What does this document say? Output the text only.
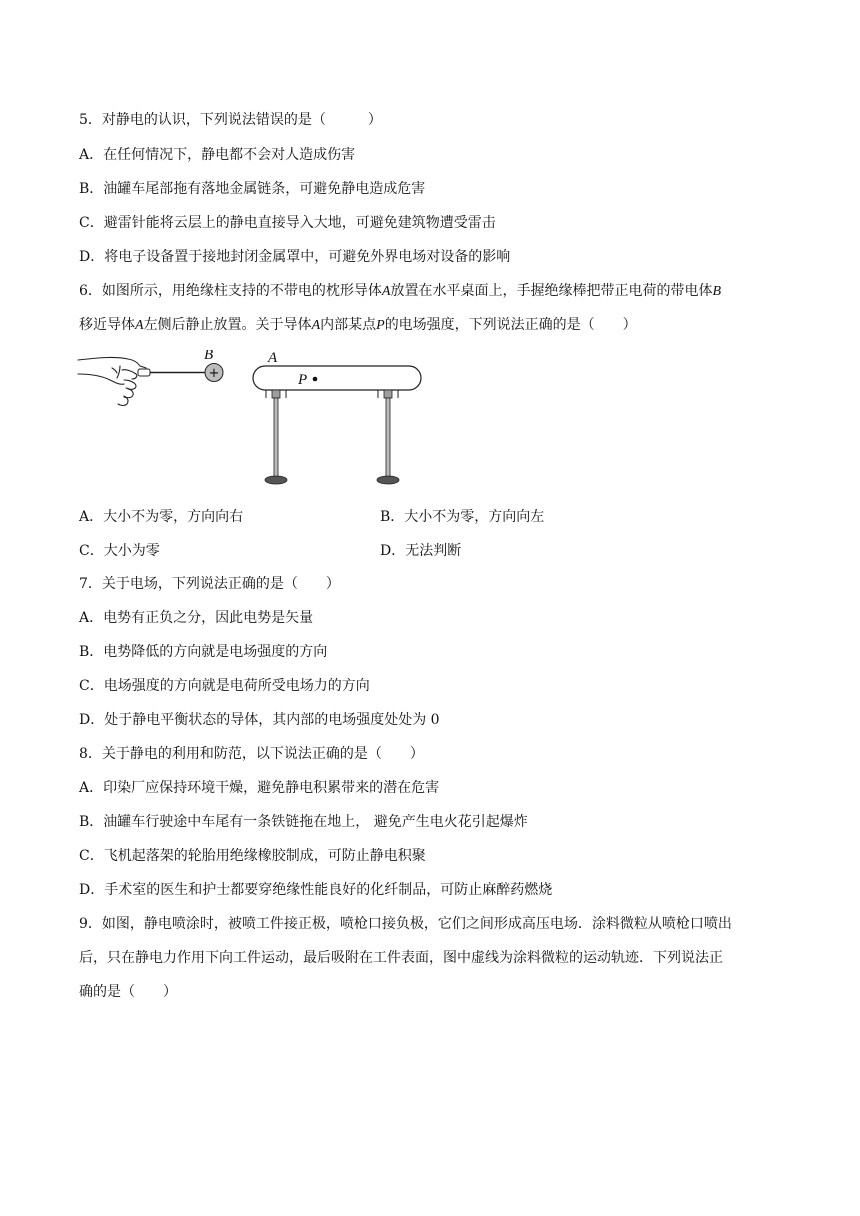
5．对静电的认识，下列说法错误的是（　　　）
A．在任何情况下，静电都不会对人造成伤害
B．油罐车尾部拖有落地金属链条，可避免静电造成危害
C．避雷针能将云层上的静电直接导入大地，可避免建筑物遭受雷击
D．将电子设备置于接地封闭金属罩中，可避免外界电场对设备的影响
6．如图所示，用绝缘柱支持的不带电的枕形导体A放置在水平桌面上，手握绝缘棒把带正电荷的带电体B
移近导体A左侧后静止放置。关于导体A内部某点P的电场强度，下列说法正确的是（　　）
+
B	A
P
A．大小不为零，方向向右	B．大小不为零，方向向左
C．大小为零	D．无法判断
7．关于电场，下列说法正确的是（　　）
A．电势有正负之分，因此电势是矢量
B．电势降低的方向就是电场强度的方向
C．电场强度的方向就是电荷所受电场力的方向
D．处于静电平衡状态的导体，其内部的电场强度处处为 0
8．关于静电的利用和防范，以下说法正确的是（　　）
A．印染厂应保持环境干燥，避免静电积累带来的潜在危害
B．油罐车行驶途中车尾有一条铁链拖在地上， 避免产生电火花引起爆炸
C．飞机起落架的轮胎用绝缘橡胶制成，可防止静电积聚
D．手术室的医生和护士都要穿绝缘性能良好的化纤制品，可防止麻醉药燃烧
9．如图，静电喷涂时，被喷工件接正极，喷枪口接负极，它们之间形成高压电场．涂料微粒从喷枪口喷出
后，只在静电力作用下向工件运动，最后吸附在工件表面，图中虚线为涂料微粒的运动轨迹．下列说法正
确的是（　　）
